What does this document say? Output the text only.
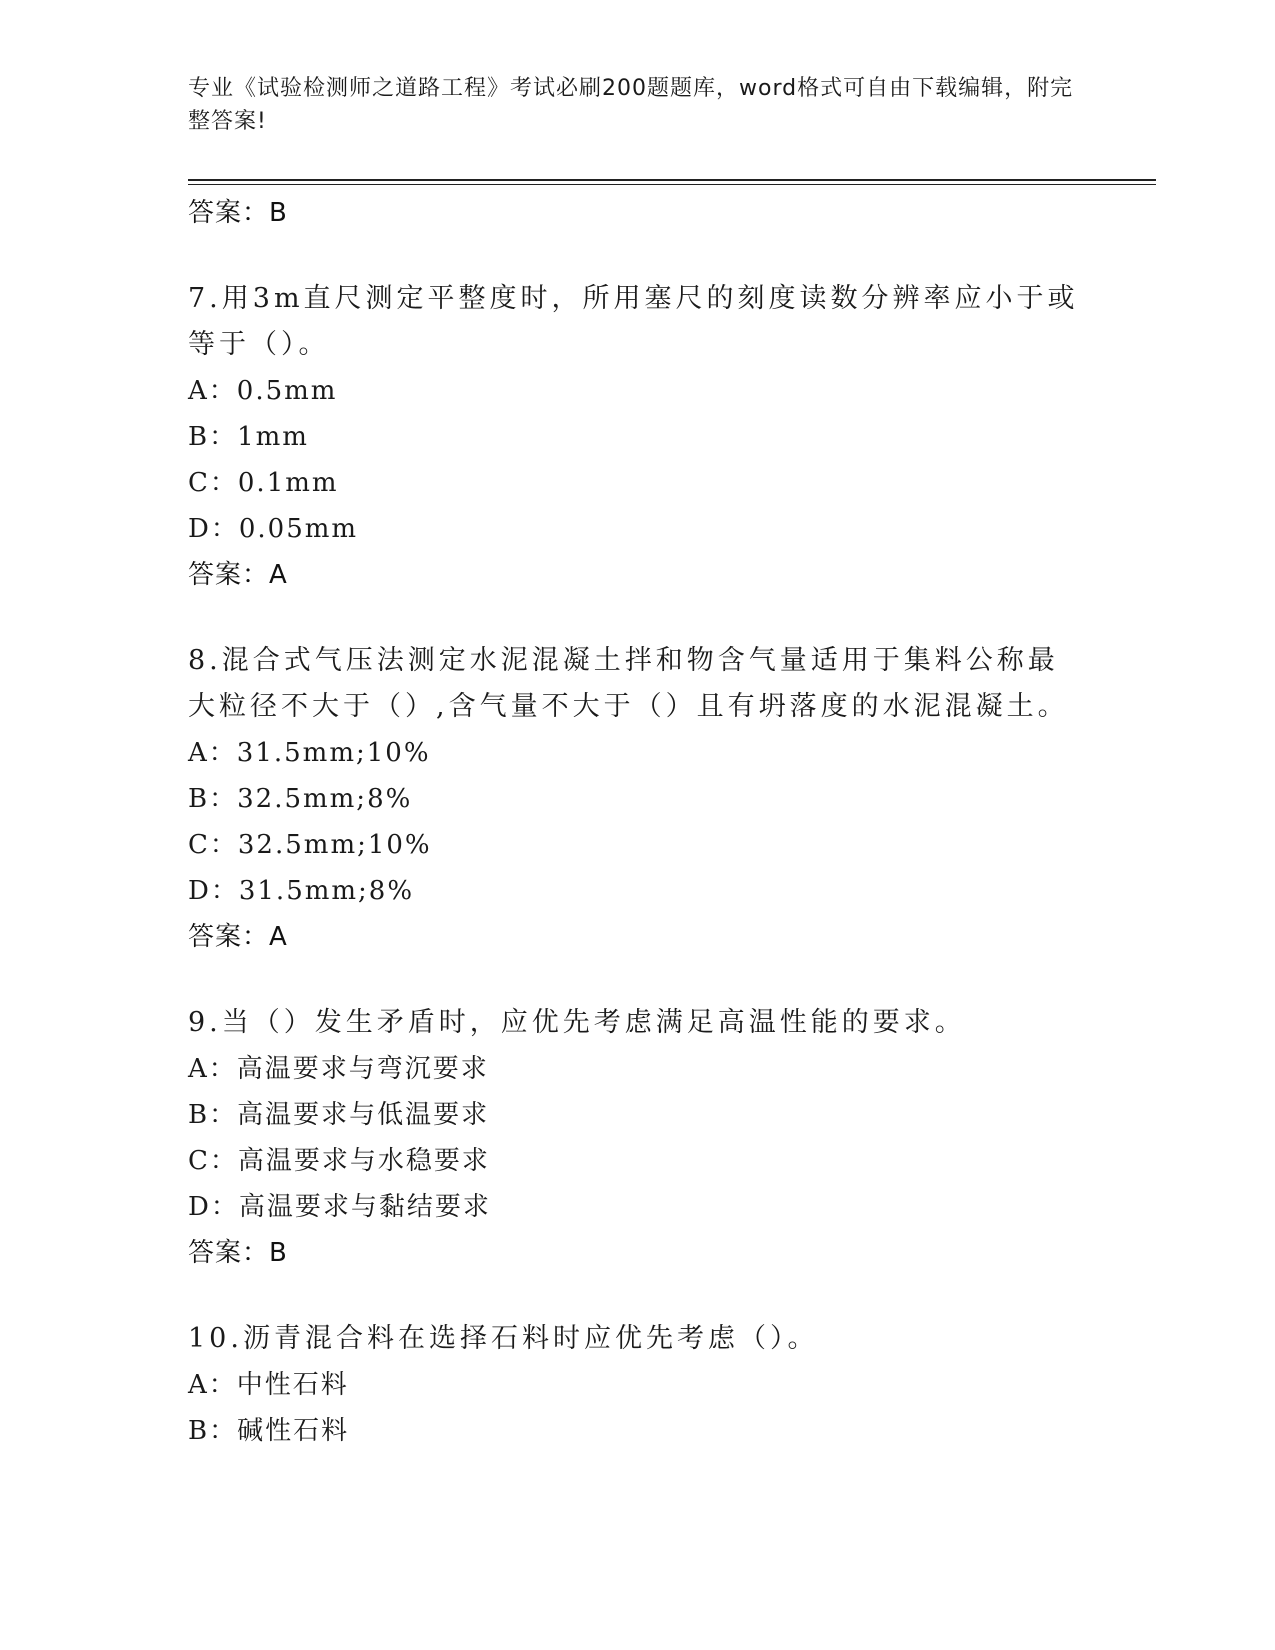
专业《试验检测师之道路工程》考试必刷200题题库，word格式可自由下载编辑，附完整答案!
答案：B
7.用3m直尺测定平整度时，所用塞尺的刻度读数分辨率应小于或等于（）。
A：0.5mm
B：1mm
C：0.1mm
D：0.05mm
答案：A
8.混合式气压法测定水泥混凝土拌和物含气量适用于集料公称最大粒径不大于（）,含气量不大于（）且有坍落度的水泥混凝土。
A：31.5mm;10%
B：32.5mm;8%
C：32.5mm;10%
D：31.5mm;8%
答案：A
9.当（）发生矛盾时，应优先考虑满足高温性能的要求。
A：高温要求与弯沉要求
B：高温要求与低温要求
C：高温要求与水稳要求
D：高温要求与黏结要求
答案：B
10.沥青混合料在选择石料时应优先考虑（）。
A：中性石料
B：碱性石料
